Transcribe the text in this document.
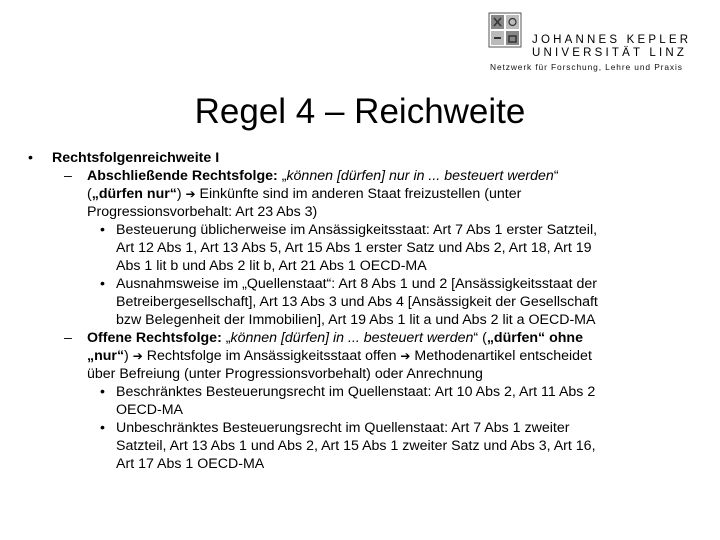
JOHANNES KEPLER
UNIVERSITÄT LINZ
Netzwerk für Forschung, Lehre und Praxis
Regel 4 – Reichweite

• Rechtsfolgenreichweite I

– Abschließende Rechtsfolge: „können [dürfen] nur in ... besteuert werden“

(„dürfen nur“) ➔ Einkünfte sind im anderen Staat freizustellen (unter

Progressionsvorbehalt: Art 23 Abs 3)

• Besteuerung üblicherweise im Ansässigkeitsstaat: Art 7 Abs 1 erster Satzteil,

Art 12 Abs 1, Art 13 Abs 5, Art 15 Abs 1 erster Satz und Abs 2, Art 18, Art 19

Abs 1 lit b und Abs 2 lit b, Art 21 Abs 1 OECD-MA

• Ausnahmsweise im „Quellenstaat“: Art 8 Abs 1 und 2 [Ansässigkeitsstaat der

Betreibergesellschaft], Art 13 Abs 3 und Abs 4 [Ansässigkeit der Gesellschaft

bzw Belegenheit der Immobilien], Art 19 Abs 1 lit a und Abs 2 lit a OECD-MA

– Offene Rechtsfolge: „können [dürfen] in ... besteuert werden“ („dürfen“ ohne

„nur“) ➔ Rechtsfolge im Ansässigkeitsstaat offen ➔ Methodenartikel entscheidet

über Befreiung (unter Progressionsvorbehalt) oder Anrechnung

• Beschränktes Besteuerungsrecht im Quellenstaat: Art 10 Abs 2, Art 11 Abs 2

OECD-MA

• Unbeschränktes Besteuerungsrecht im Quellenstaat: Art 7 Abs 1 zweiter

Satzteil, Art 13 Abs 1 und Abs 2, Art 15 Abs 1 zweiter Satz und Abs 3, Art 16,

Art 17 Abs 1 OECD-MA
